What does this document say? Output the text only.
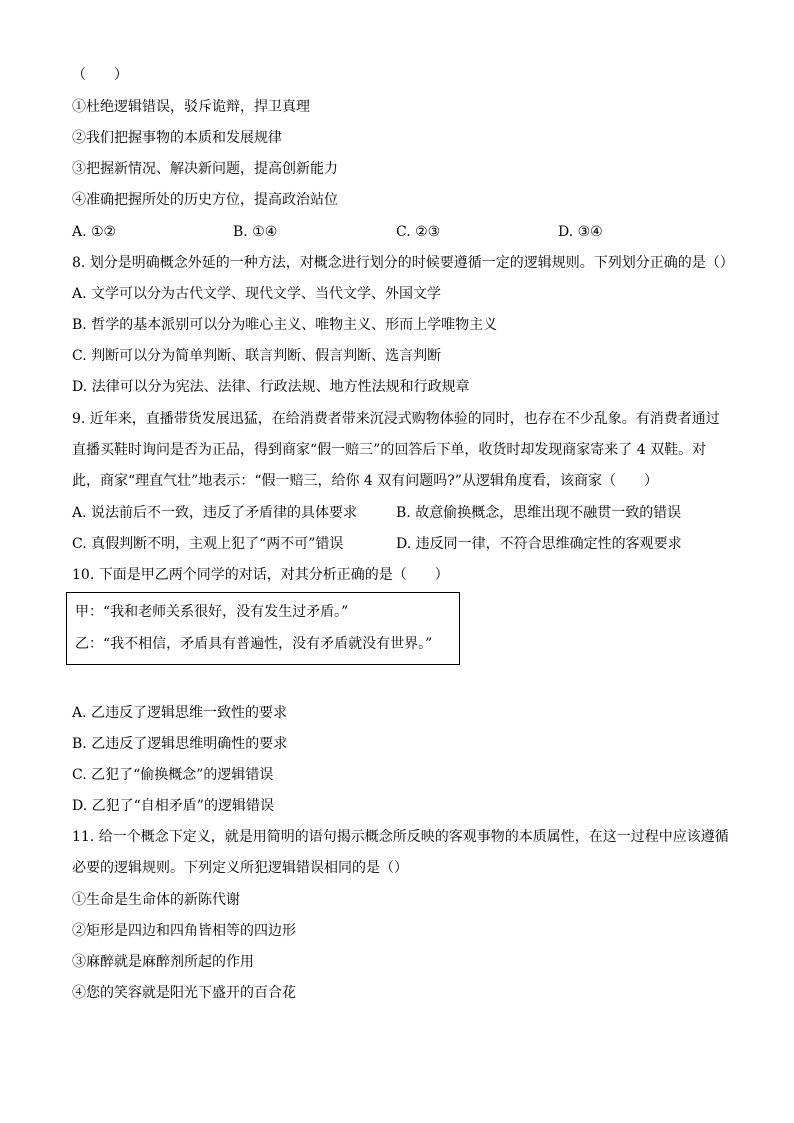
（　　）
①杜绝逻辑错误，驳斥诡辩，捍卫真理
②我们把握事物的本质和发展规律
③把握新情况、解决新问题，提高创新能力
④准确把握所处的历史方位，提高政治站位
A. ①②	B. ①④	C. ②③	D. ③④
8. 划分是明确概念外延的一种方法，对概念进行划分的时候要遵循一定的逻辑规则。下列划分正确的是（）
A. 文学可以分为古代文学、现代文学、当代文学、外国文学
B. 哲学的基本派别可以分为唯心主义、唯物主义、形而上学唯物主义
C. 判断可以分为简单判断、联言判断、假言判断、选言判断
D. 法律可以分为宪法、法律、行政法规、地方性法规和行政规章
9. 近年来，直播带货发展迅猛，在给消费者带来沉浸式购物体验的同时，也存在不少乱象。有消费者通过
直播买鞋时询问是否为正品，得到商家“假一赔三”的回答后下单，收货时却发现商家寄来了 4 双鞋。对
此，商家“理直气壮”地表示：“假一赔三，给你 4 双有问题吗?”从逻辑角度看，该商家（　　）
A. 说法前后不一致，违反了矛盾律的具体要求	B. 故意偷换概念，思维出现不融贯一致的错误
C. 真假判断不明，主观上犯了“两不可”错误	D. 违反同一律，不符合思维确定性的客观要求
10. 下面是甲乙两个同学的对话，对其分析正确的是（　　）
甲：“我和老师关系很好，没有发生过矛盾。”
乙：“我不相信，矛盾具有普遍性，没有矛盾就没有世界。”
A. 乙违反了逻辑思维一致性的要求
B. 乙违反了逻辑思维明确性的要求
C. 乙犯了“偷换概念”的逻辑错误
D. 乙犯了“自相矛盾”的逻辑错误
11. 给一个概念下定义，就是用简明的语句揭示概念所反映的客观事物的本质属性，在这一过程中应该遵循
必要的逻辑规则。下列定义所犯逻辑错误相同的是（）
①生命是生命体的新陈代谢
②矩形是四边和四角皆相等的四边形
③麻醉就是麻醉剂所起的作用
④您的笑容就是阳光下盛开的百合花
